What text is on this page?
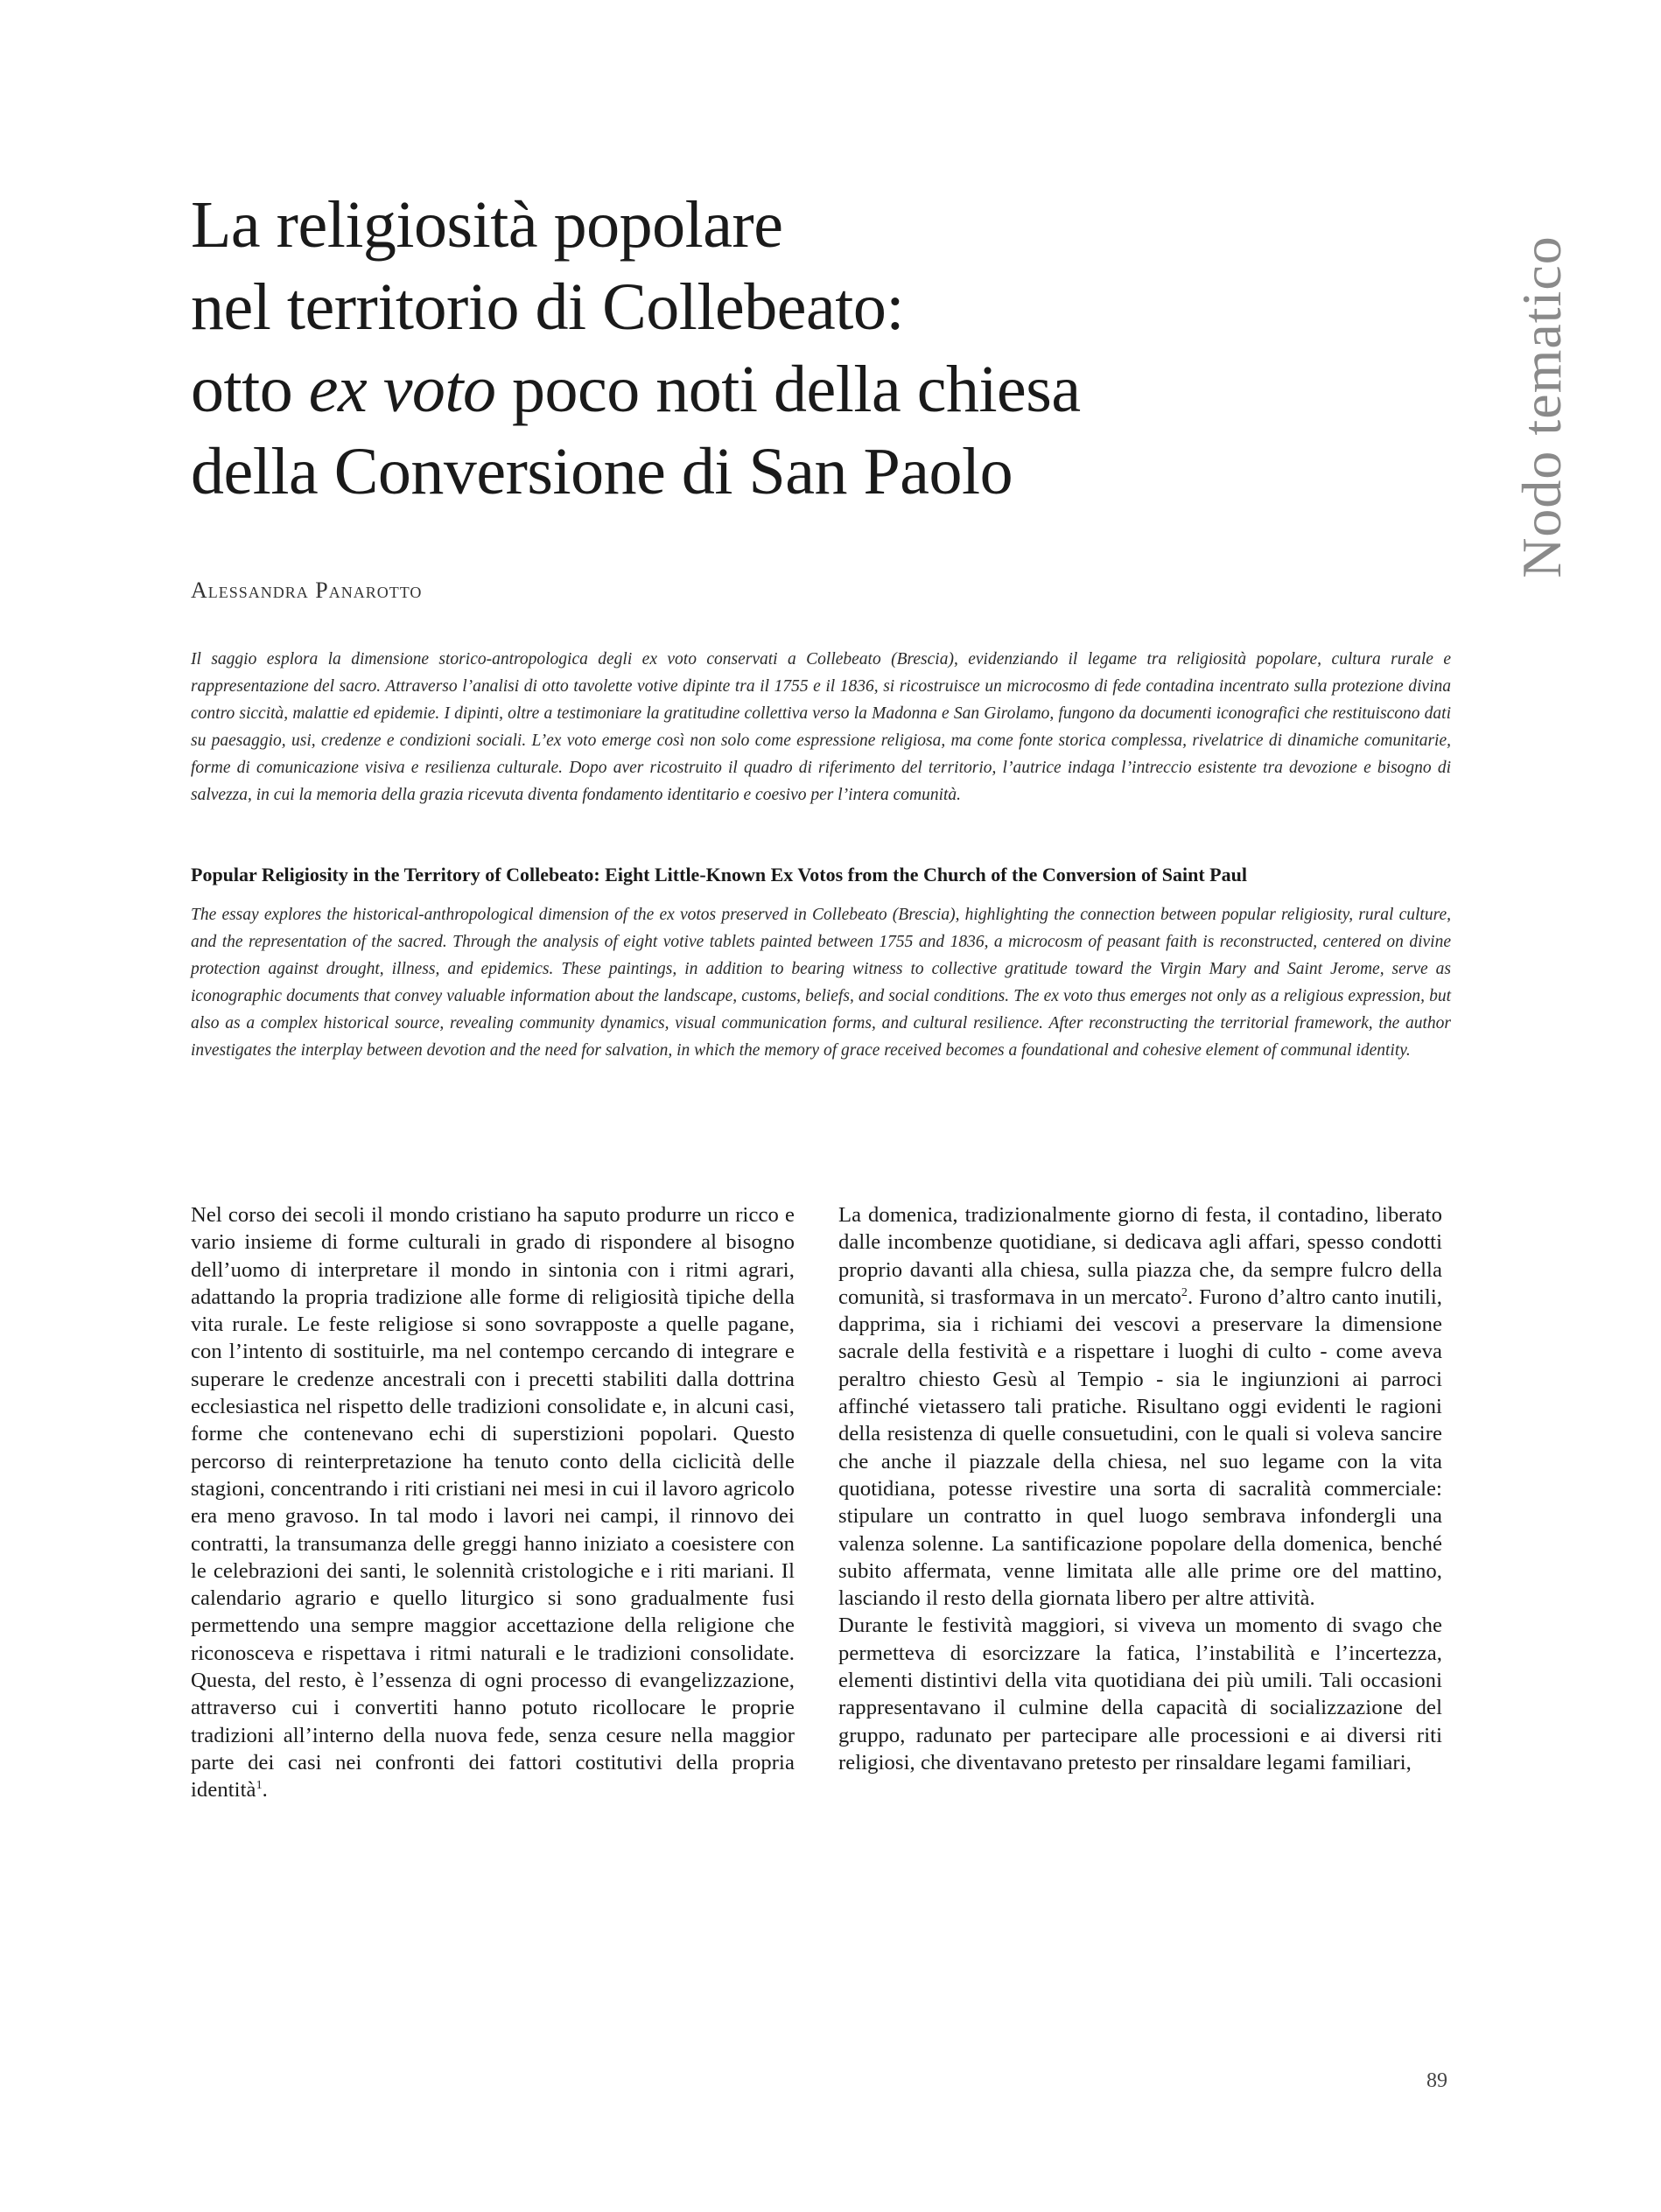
La religiosità popolare
nel territorio di Collebeato:
otto ex voto poco noti della chiesa
della Conversione di San Paolo	Nodo tematico
Alessandra Panarotto

Il saggio esplora la dimensione storico-antropologica degli ex voto conservati a Collebeato (Brescia), evidenziando il legame tra religiosità popolare, cultura rurale e rappresentazione del sacro. Attraverso l’analisi di otto tavolette votive dipinte tra il 1755 e il 1836, si ricostruisce un microcosmo di fede contadina incentrato sulla protezione divina contro siccità, malattie ed epidemie. I dipinti, oltre a testimoniare la gratitudine collettiva verso la Madonna e San Girolamo, fungono da documenti iconografici che restituiscono dati su paesaggio, usi, credenze e condizioni sociali. L’ex voto emerge così non solo come espressione religiosa, ma come fonte storica complessa, rivelatrice di dinamiche comunitarie, forme di comunicazione visiva e resilienza culturale. Dopo aver ricostruito il quadro di riferimento del territorio, l’autrice indaga l’intreccio esistente tra devozione e bisogno di salvezza, in cui la memoria della grazia ricevuta diventa fondamento identitario e coesivo per l’intera comunità.

Popular Religiosity in the Territory of Collebeato: Eight Little-Known Ex Votos from the Church of the Conversion of Saint Paul

The essay explores the historical-anthropological dimension of the ex votos preserved in Collebeato (Brescia), highlighting the connection between popular religiosity, rural culture, and the representation of the sacred. Through the analysis of eight votive tablets painted between 1755 and 1836, a microcosm of peasant faith is reconstructed, centered on divine protection against drought, illness, and epidemics. These paintings, in addition to bearing witness to collective gratitude toward the Virgin Mary and Saint Jerome, serve as iconographic documents that convey valuable information about the landscape, customs, beliefs, and social conditions. The ex voto thus emerges not only as a religious expression, but also as a complex historical source, revealing community dynamics, visual communication forms, and cultural resilience. After reconstructing the territorial framework, the author investigates the interplay between devotion and the need for salvation, in which the memory of grace received becomes a foundational and cohesive element of communal identity.

Nel corso dei secoli il mondo cristiano ha saputo produrre un ricco e vario insieme di forme culturali in grado di rispondere al bisogno dell’uomo di interpretare il mondo in sintonia con i ritmi agrari, adattando la propria tradizione alle forme di religiosità tipiche della vita rurale. Le feste religiose si sono sovrapposte a quelle pagane, con l’intento di sostituirle, ma nel contempo cercando di integrare e superare le credenze ancestrali con i precetti stabiliti dalla dottrina ecclesiastica nel rispetto delle tradizioni consolidate e, in alcuni casi, forme che contenevano echi di superstizioni popolari. Questo percorso di reinterpretazione ha tenuto conto della ciclicità delle stagioni, concentrando i riti cristiani nei mesi in cui il lavoro agricolo era meno gravoso. In tal modo i lavori nei campi, il rinnovo dei contratti, la transumanza delle greggi hanno iniziato a coesistere con le celebrazioni dei santi, le solennità cristologiche e i riti mariani. Il calendario agrario e quello liturgico si sono gradualmente fusi permettendo una sempre maggior accettazione della religione che riconosceva e rispettava i ritmi naturali e le tradizioni consolidate. Questa, del resto, è l’essenza di ogni processo di evangelizzazione, attraverso cui i convertiti hanno potuto ricollocare le proprie tradizioni all’interno della nuova fede, senza cesure nella maggior parte dei casi nei confronti dei fattori costitutivi della propria identità$^1$.

La domenica, tradizionalmente giorno di festa, il contadino, liberato dalle incombenze quotidiane, si dedicava agli affari, spesso condotti proprio davanti alla chiesa, sulla piazza che, da sempre fulcro della comunità, si trasformava in un mercato$^2$. Furono d’altro canto inutili, dapprima, sia i richiami dei vescovi a preservare la dimensione sacrale della festività e a rispettare i luoghi di culto - come aveva peraltro chiesto Gesù al Tempio - sia le ingiunzioni ai parroci affinché vietassero tali pratiche. Risultano oggi evidenti le ragioni della resistenza di quelle consuetudini, con le quali si voleva sancire che anche il piazzale della chiesa, nel suo legame con la vita quotidiana, potesse rivestire una sorta di sacralità commerciale: stipulare un contratto in quel luogo sembrava infondergli una valenza solenne. La santificazione popolare della domenica, benché subito affermata, venne limitata alle alle prime ore del mattino, lasciando il resto della giornata libero per altre attività.

Durante le festività maggiori, si viveva un momento di svago che permetteva di esorcizzare la fatica, l’instabilità e l’incertezza, elementi distintivi della vita quotidiana dei più umili. Tali occasioni rappresentavano il culmine della capacità di socializzazione del gruppo, radunato per partecipare alle processioni e ai diversi riti religiosi, che diventavano pretesto per rinsaldare legami familiari,

89
